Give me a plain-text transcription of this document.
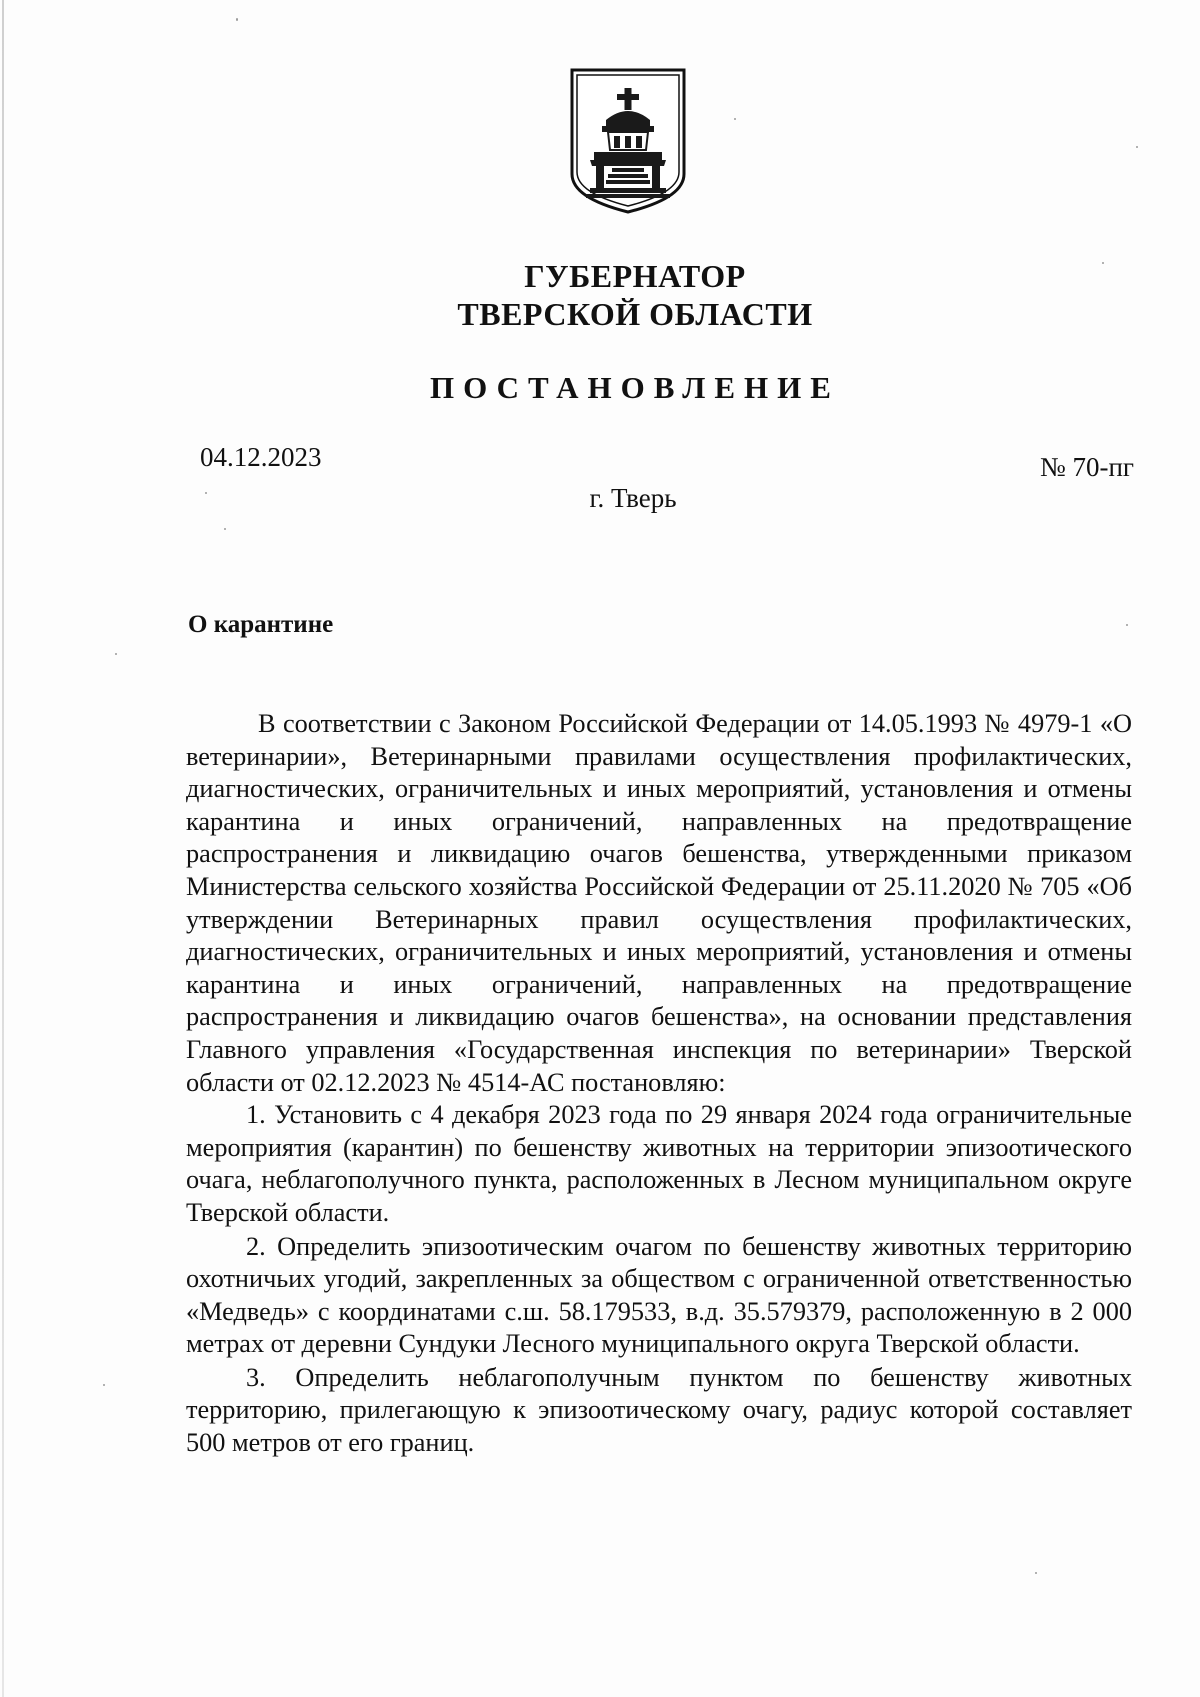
ГУБЕРНАТОР
ТВЕРСКОЙ ОБЛАСТИ
ПОСТАНОВЛЕНИЕ
04.12.2023	№ 70-пг
г. Тверь
О карантине

В соответствии с Законом Российской Федерации от 14.05.1993 № 4979-1 «О ветеринарии», Ветеринарными правилами осуществления профилактических, диагностических, ограничительных и иных мероприятий, установления и отмены карантина и иных ограничений, направленных на предотвращение распространения и ликвидацию очагов бешенства, утвержденными приказом Министерства сельского хозяйства Российской Федерации от 25.11.2020 № 705 «Об утверждении Ветеринарных правил осуществления профилактических, диагностических, ограничительных и иных мероприятий, установления и отмены карантина и иных ограничений, направленных на предотвращение распространения и ликвидацию очагов бешенства», на основании представления Главного управления «Государственная инспекция по ветеринарии» Тверской области от 02.12.2023 № 4514-АС постановляю:

1. Установить с 4 декабря 2023 года по 29 января 2024 года ограничительные мероприятия (карантин) по бешенству животных на территории эпизоотического очага, неблагополучного пункта, расположенных в Лесном муниципальном округе Тверской области.

2. Определить эпизоотическим очагом по бешенству животных территорию охотничьих угодий, закрепленных за обществом с ограниченной ответственностью «Медведь» с координатами с.ш. 58.179533, в.д. 35.579379, расположенную в 2 000 метрах от деревни Сундуки Лесного муниципального округа Тверской области.

3. Определить неблагополучным пунктом по бешенству животных территорию, прилегающую к эпизоотическому очагу, радиус которой составляет 500 метров от его границ.
